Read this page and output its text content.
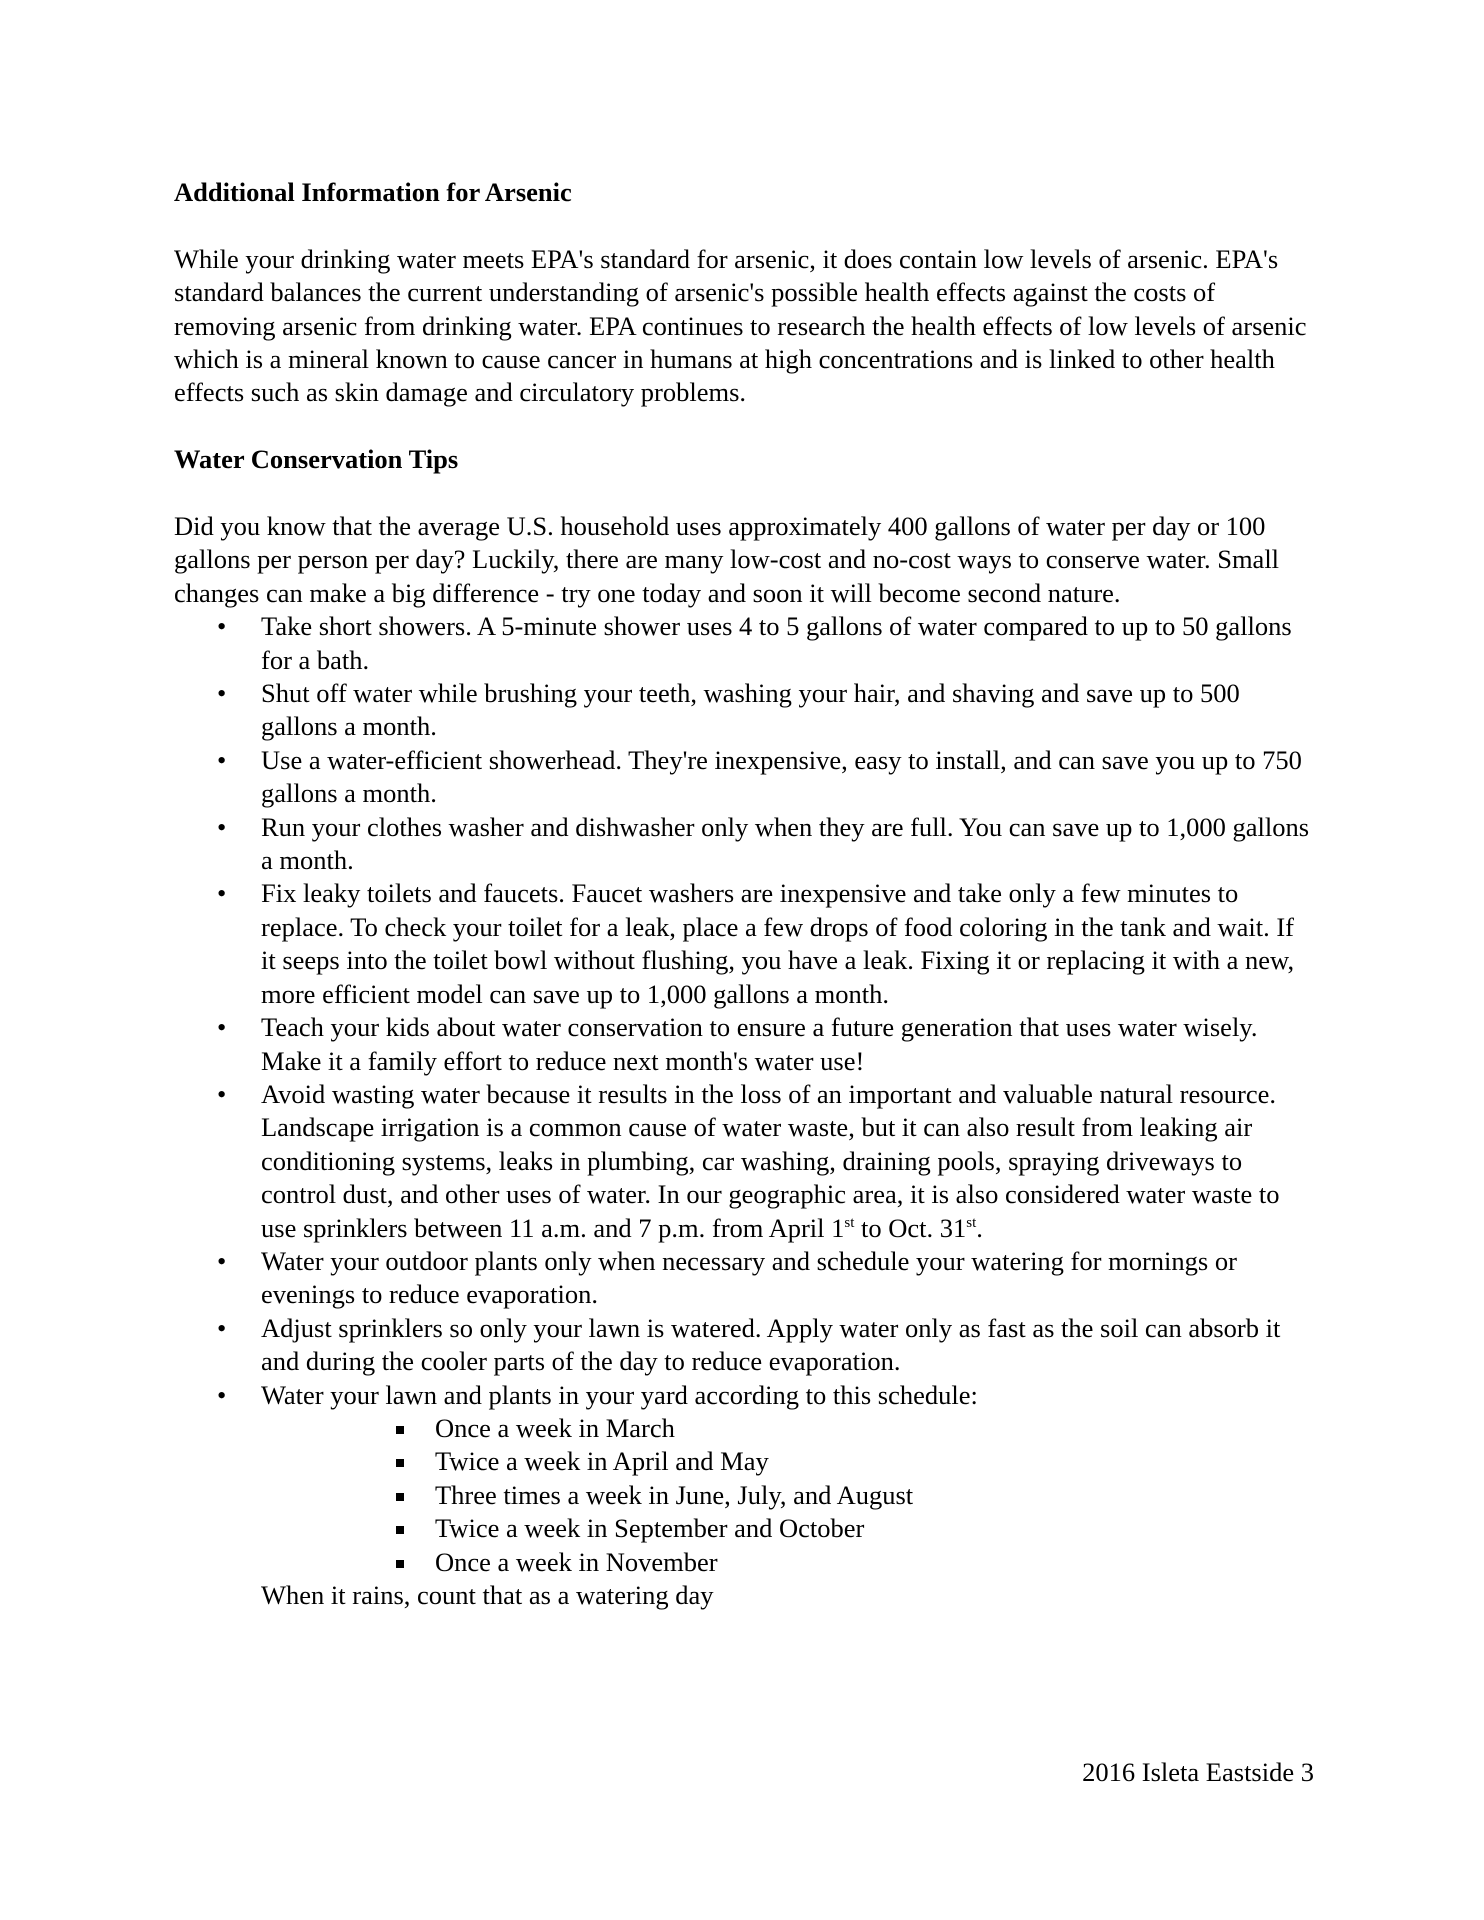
Additional Information for Arsenic

While your drinking water meets EPA's standard for arsenic, it does contain low levels of arsenic. EPA's standard balances the current understanding of arsenic's possible health effects against the costs of removing arsenic from drinking water. EPA continues to research the health effects of low levels of arsenic which is a mineral known to cause cancer in humans at high concentrations and is linked to other health effects such as skin damage and circulatory problems.

Water Conservation Tips

Did you know that the average U.S. household uses approximately 400 gallons of water per day or 100 gallons per person per day? Luckily, there are many low-cost and no-cost ways to conserve water. Small changes can make a big difference - try one today and soon it will become second nature.

• Take short showers. A 5-minute shower uses 4 to 5 gallons of water compared to up to 50 gallons for a bath.
• Shut off water while brushing your teeth, washing your hair, and shaving and save up to 500 gallons a month.
• Use a water-efficient showerhead. They're inexpensive, easy to install, and can save you up to 750 gallons a month.
• Run your clothes washer and dishwasher only when they are full. You can save up to 1,000 gallons a month.
• Fix leaky toilets and faucets. Faucet washers are inexpensive and take only a few minutes to replace. To check your toilet for a leak, place a few drops of food coloring in the tank and wait. If it seeps into the toilet bowl without flushing, you have a leak. Fixing it or replacing it with a new, more efficient model can save up to 1,000 gallons a month.
• Teach your kids about water conservation to ensure a future generation that uses water wisely. Make it a family effort to reduce next month's water use!
• Avoid wasting water because it results in the loss of an important and valuable natural resource. Landscape irrigation is a common cause of water waste, but it can also result from leaking air conditioning systems, leaks in plumbing, car washing, draining pools, spraying driveways to control dust, and other uses of water. In our geographic area, it is also considered water waste to use sprinklers between 11 a.m. and 7 p.m. from April 1st to Oct. 31st.
• Water your outdoor plants only when necessary and schedule your watering for mornings or evenings to reduce evaporation.
• Adjust sprinklers so only your lawn is watered. Apply water only as fast as the soil can absorb it and during the cooler parts of the day to reduce evaporation.
• Water your lawn and plants in your yard according to this schedule:
Once a week in March
Twice a week in April and May
Three times a week in June, July, and August
Twice a week in September and October
Once a week in November

When it rains, count that as a watering day

2016 Isleta Eastside 3
